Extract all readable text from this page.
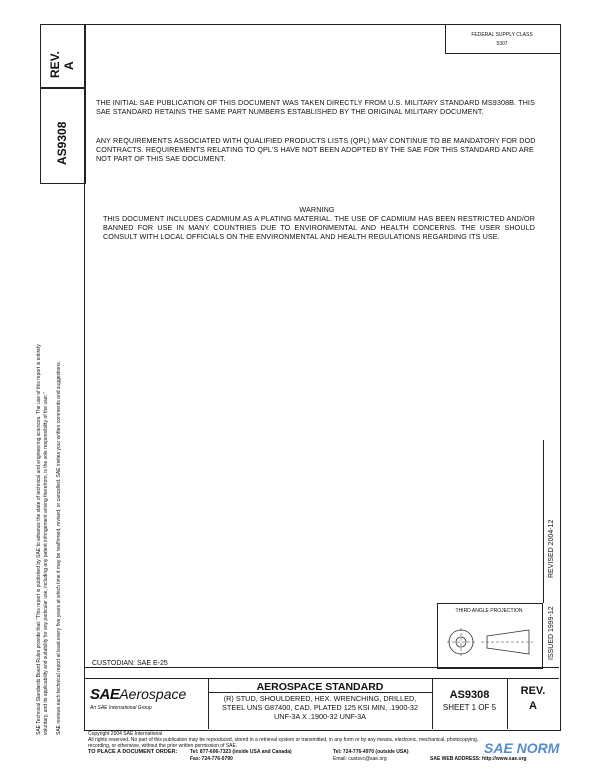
REV.
A
AS9308
SAE Technical Standards Board Rules provide that: "This report is published by SAE to advance the state of technical and engineering sciences. The use of this report is entirely voluntary, and its applicability and suitability for any particular use, including any patent infringement arising therefrom, is the sole responsibility of the user." SAE reviews each technical report at least every five years at which time it may be reaffirmed, revised, or cancelled. SAE invites your written comments and suggestions.
FEDERAL SUPPLY CLASS
5307
THE INITIAL SAE PUBLICATION OF THIS DOCUMENT WAS TAKEN DIRECTLY FROM U.S. MILITARY STANDARD MS9308B. THIS SAE STANDARD RETAINS THE SAME PART NUMBERS ESTABLISHED BY THE ORIGINAL MILITARY DOCUMENT.
ANY REQUIREMENTS ASSOCIATED WITH QUALIFIED PRODUCTS LISTS (QPL) MAY CONTINUE TO BE MANDATORY FOR DOD CONTRACTS. REQUIREMENTS RELATING TO QPL'S HAVE NOT BEEN ADOPTED BY THE SAE FOR THIS STANDARD AND ARE NOT PART OF THIS SAE DOCUMENT.
WARNING
THIS DOCUMENT INCLUDES CADMIUM AS A PLATING MATERIAL. THE USE OF CADMIUM HAS BEEN RESTRICTED AND/OR BANNED FOR USE IN MANY COUNTRIES DUE TO ENVIRONMENTAL AND HEALTH CONCERNS. THE USER SHOULD CONSULT WITH LOCAL OFFICIALS ON THE ENVIRONMENTAL AND HEALTH REGULATIONS REGARDING ITS USE.
REVISED 2004-12
ISSUED 1999-12
THIRD ANGLE PROJECTION
CUSTODIAN: SAE E-25
SAEAerospace
An SAE International Group
AEROSPACE STANDARD
(R) STUD, SHOULDERED, HEX. WRENCHING, DRILLED, STEEL UNS G87400, CAD. PLATED 125 KSI MIN, .1900-32 UNF-3A X .1900-32 UNF-3A
AS9308
SHEET 1 OF 5
REV.
A
Copyright 2004 SAE International
All rights reserved. No part of this publication may be reproduced, stored in a retrieval system or transmitted, in any form or by any means, electronic, mechanical, photocopying,
recording, or otherwise, without the prior written permission of SAE.
TO PLACE A DOCUMENT ORDER:	Tel: 877-606-7323 (inside USA and Canada)
Fax: 724-776-0790
Tel: 724-776-4970 (outside USA)
Email: custsvc@sae.org	SAE WEB ADDRESS: http://www.sae.org
SAE NORM
